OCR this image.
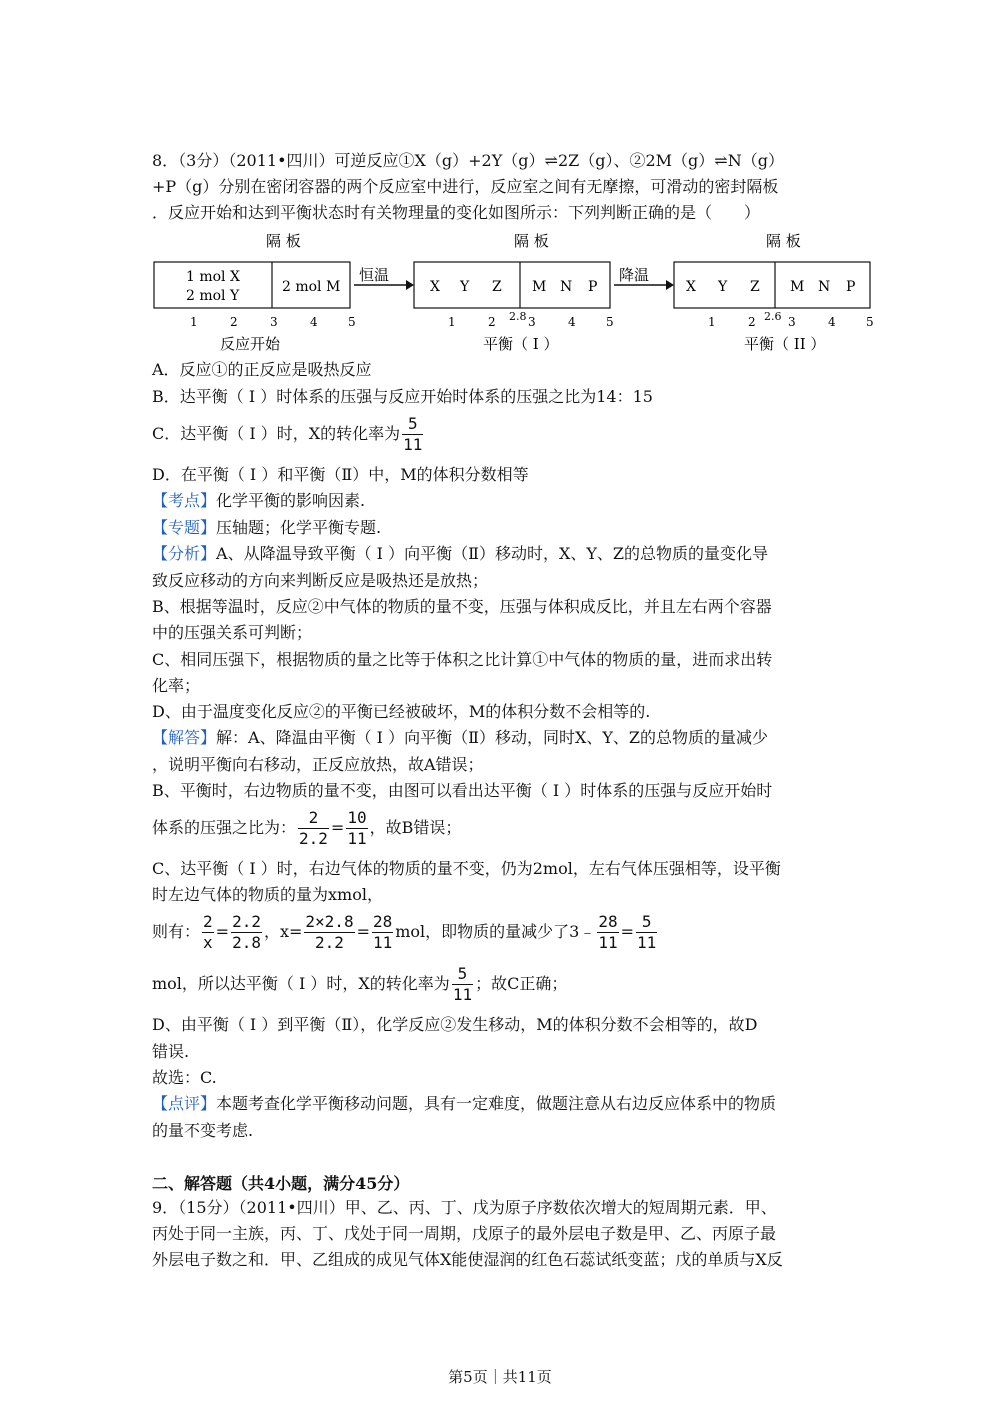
8．（3分）（2011•四川）可逆反应①X（g）+2Y（g）⇌2Z（g）、②2M（g）⇌N（g）
+P（g）分别在密闭容器的两个反应室中进行，反应室之间有无摩擦，可滑动的密封隔板
．反应开始和达到平衡状态时有关物理量的变化如图所示：下列判断正确的是（　　）
隔 板	隔 板	隔 板
1 mol X
2 mol Y
2 mol M
恒温
X Y Z M N P
降温
X Y Z M N P
1	2	3	4	5	1	2 2.8 3	4	5	1	2 2.6 3	4	5
反应开始	平衡（ I ）	平衡（ II ）
A．反应①的正反应是吸热反应
B．达平衡（ I ）时体系的压强与反应开始时体系的压强之比为14：15
C．达平衡（ I ）时，X的转化率为 $\frac{5}{11}$
D．在平衡（ I ）和平衡（Ⅱ）中，M的体积分数相等
【考点】化学平衡的影响因素.
【专题】压轴题；化学平衡专题.
【分析】A、从降温导致平衡（ I ）向平衡（Ⅱ）移动时，X、Y、Z的总物质的量变化导
致反应移动的方向来判断反应是吸热还是放热；
B、根据等温时，反应②中气体的物质的量不变，压强与体积成反比，并且左右两个容器
中的压强关系可判断；
C、相同压强下，根据物质的量之比等于体积之比计算①中气体的物质的量，进而求出转
化率；
D、由于温度变化反应②的平衡已经被破坏，M的体积分数不会相等的.
【解答】解：A、降温由平衡（ I ）向平衡（Ⅱ）移动，同时X、Y、Z的总物质的量减少
，说明平衡向右移动，正反应放热，故A错误；
B、平衡时，右边物质的量不变，由图可以看出达平衡（ I ）时体系的压强与反应开始时
体系的压强之比为： $\frac{2}{2.2} = \frac{10}{11}$ ，故B错误；
C、达平衡（ I ）时，右边气体的物质的量不变，仍为2mol，左右气体压强相等，设平衡
时左边气体的物质的量为xmol，
则有： $\frac{2}{x} = \frac{2.2}{2.8}$ ，$x= \frac{2\times 2.8}{2.2} = \frac{28}{11}$ mol，即物质的量减少了3﹣ $\frac{28}{11} = \frac{5}{11}$
mol，所以达平衡（ I ）时，X的转化率为 $\frac{5}{11}$ ；故C正确；
D、由平衡（ I ）到平衡（Ⅱ），化学反应②发生移动，M的体积分数不会相等的，故D
错误.
故选：C.
【点评】本题考查化学平衡移动问题，具有一定难度，做题注意从右边反应体系中的物质
的量不变考虑.
二、解答题（共4小题，满分45分）
9．（15分）（2011•四川）甲、乙、丙、丁、戊为原子序数依次增大的短周期元素．甲、
丙处于同一主族，丙、丁、戊处于同一周期，戊原子的最外层电子数是甲、乙、丙原子最
外层电子数之和．甲、乙组成的成见气体X能使湿润的红色石蕊试纸变蓝；戊的单质与X反
第5页｜共11页
